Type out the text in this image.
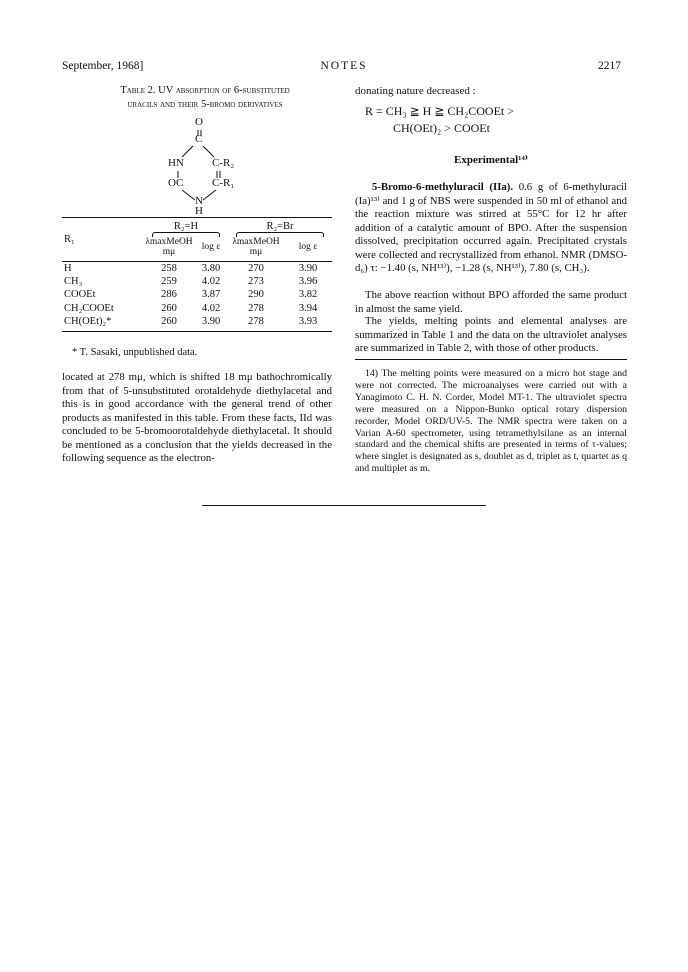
September, 1968]	NOTES	2217
Table 2. UV absorption of 6-substituted
uracils and their 5-bromo derivatives
O
C
HN	C-R₂
OC	C-R₁
N
H
R₁	R₂=H		R₂=Br	

	λmaxMeOH mμ	log ε	λmaxMeOH mμ	log ε

H	258	3.80	270	3.90
CH₃	259	4.02	273	3.96
COOEt	286	3.87	290	3.82
CH₂COOEt	260	4.02	278	3.94
CH(OEt)₂*	260	3.90	278	3.93
* T. Sasaki, unpublished data.
located at 278 mμ, which is shifted 18 mμ bathochromically from that of 5-unsubstituted orotaldehyde diethylacetal and this is in good accordance with the general trend of other products as manifested in this table. From these facts, IId was concluded to be 5-bromoorotaldehyde diethylacetal. It should be mentioned as a conclusion that the yields decreased in the following sequence as the electron-
donating nature decreased :
R = CH₃ ≧ H ≧ CH₂COOEt >
CH(OEt)₂ > COOEt
Experimental¹⁴⁾
5-Bromo-6-methyluracil (IIa). 0.6 g of 6-methyluracil (Ia)¹³⁾ and 1 g of NBS were suspended in 50 ml of ethanol and the reaction mixture was stirred at 55°C for 12 hr after addition of a catalytic amount of BPO. After the suspension dissolved, precipitation occurred again. Precipitated crystals were collected and recrystallized from ethanol. NMR (DMSO-d₆) τ: −1.40 (s, NH¹³⁾), −1.28 (s, NH¹³⁾), 7.80 (s, CH₃).
The above reaction without BPO afforded the same product in almost the same yield.
The yields, melting points and elemental analyses are summarized in Table 1 and the data on the ultraviolet analyses are summarized in Table 2, with those of other products.
14) The melting points were measured on a micro hot stage and were not corrected. The microanalyses were carried out with a Yanagimoto C. H. N. Corder, Model MT-1. The ultraviolet spectra were measured on a Nippon-Bunko optical rotary dispersion recorder, Model ORD/UV-5. The NMR spectra were taken on a Varian A-60 spectrometer, using tetramethylsilane as an internal standard and the chemical shifts are presented in terms of τ-values; where singlet is designated as s, doublet as d, triplet as t, quartet as q and multiplet as m.
